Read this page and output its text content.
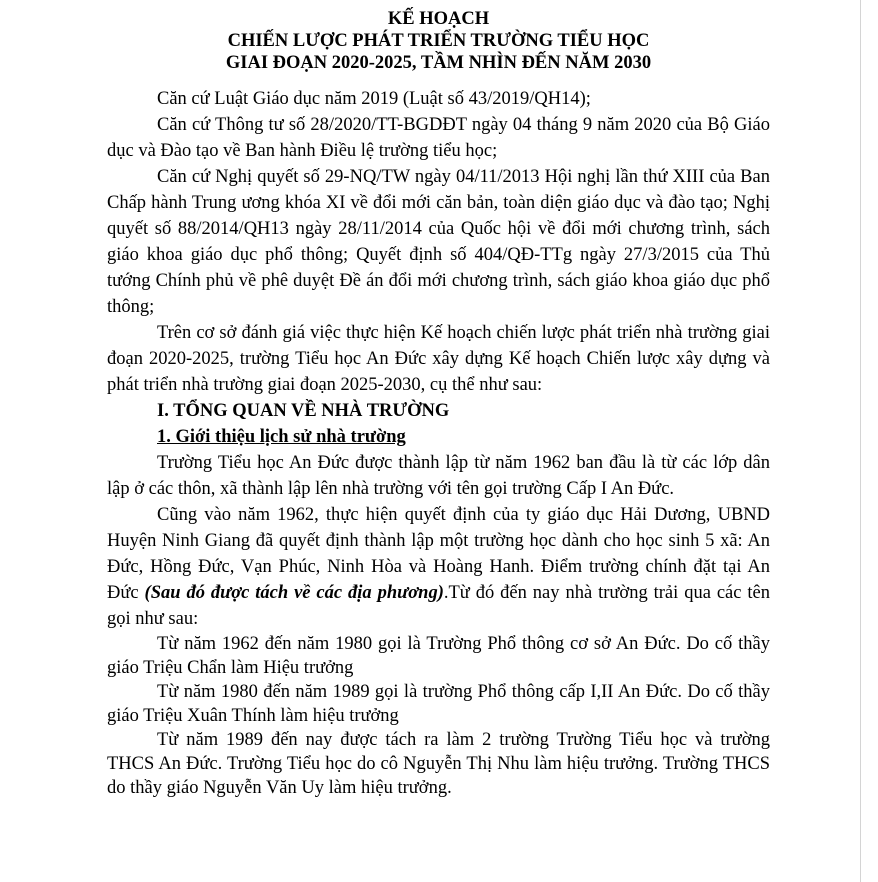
KẾ HOẠCH
CHIẾN LƯỢC PHÁT TRIỂN TRƯỜNG TIỂU HỌC
GIAI ĐOẠN 2020-2025, TẦM NHÌN ĐẾN NĂM 2030

Căn cứ Luật Giáo dục năm 2019 (Luật số 43/2019/QH14);

Căn cứ Thông tư số 28/2020/TT-BGDĐT ngày 04 tháng 9 năm 2020 của Bộ Giáo dục và Đào tạo về Ban hành Điều lệ trường tiểu học;

Căn cứ Nghị quyết số 29-NQ/TW ngày 04/11/2013 Hội nghị lần thứ XIII của Ban Chấp hành Trung ương khóa XI về đổi mới căn bản, toàn diện giáo dục và đào tạo; Nghị quyết số 88/2014/QH13 ngày 28/11/2014 của Quốc hội về đổi mới chương trình, sách giáo khoa giáo dục phổ thông; Quyết định số 404/QĐ-TTg ngày 27/3/2015 của Thủ tướng Chính phủ về phê duyệt Đề án đổi mới chương trình, sách giáo khoa giáo dục phổ thông;

Trên cơ sở đánh giá việc thực hiện Kế hoạch chiến lược phát triển nhà trường giai đoạn 2020-2025, trường Tiểu học An Đức xây dựng Kế hoạch Chiến lược xây dựng và phát triển nhà trường giai đoạn 2025-2030, cụ thể như sau:

I. TỔNG QUAN VỀ NHÀ TRƯỜNG

1. Giới thiệu lịch sử nhà trường

Trường Tiểu học An Đức được thành lập từ năm 1962 ban đầu là từ các lớp dân lập ở các thôn, xã thành lập lên nhà trường với tên gọi trường Cấp I An Đức.

Cũng vào năm 1962, thực hiện quyết định của ty giáo dục Hải Dương, UBND Huyện Ninh Giang đã quyết định thành lập một trường học dành cho học sinh 5 xã: An Đức, Hồng Đức, Vạn Phúc, Ninh Hòa và Hoàng Hanh. Điểm trường chính đặt tại An Đức (Sau đó được tách về các địa phương).Từ đó đến nay nhà trường trải qua các tên gọi như sau:

Từ năm 1962 đến năm 1980 gọi là Trường Phổ thông cơ sở An Đức. Do cố thầy giáo Triệu Chẩn làm Hiệu trưởng

Từ năm 1980 đến năm 1989 gọi là trường Phổ thông cấp I,II An Đức. Do cố thầy giáo Triệu Xuân Thính làm hiệu trưởng

Từ năm 1989 đến nay được tách ra làm 2 trường Trường Tiểu học và trường THCS An Đức. Trường Tiểu học do cô Nguyễn Thị Nhu làm hiệu trưởng. Trường THCS do thầy giáo Nguyễn Văn Uy làm hiệu trưởng.
